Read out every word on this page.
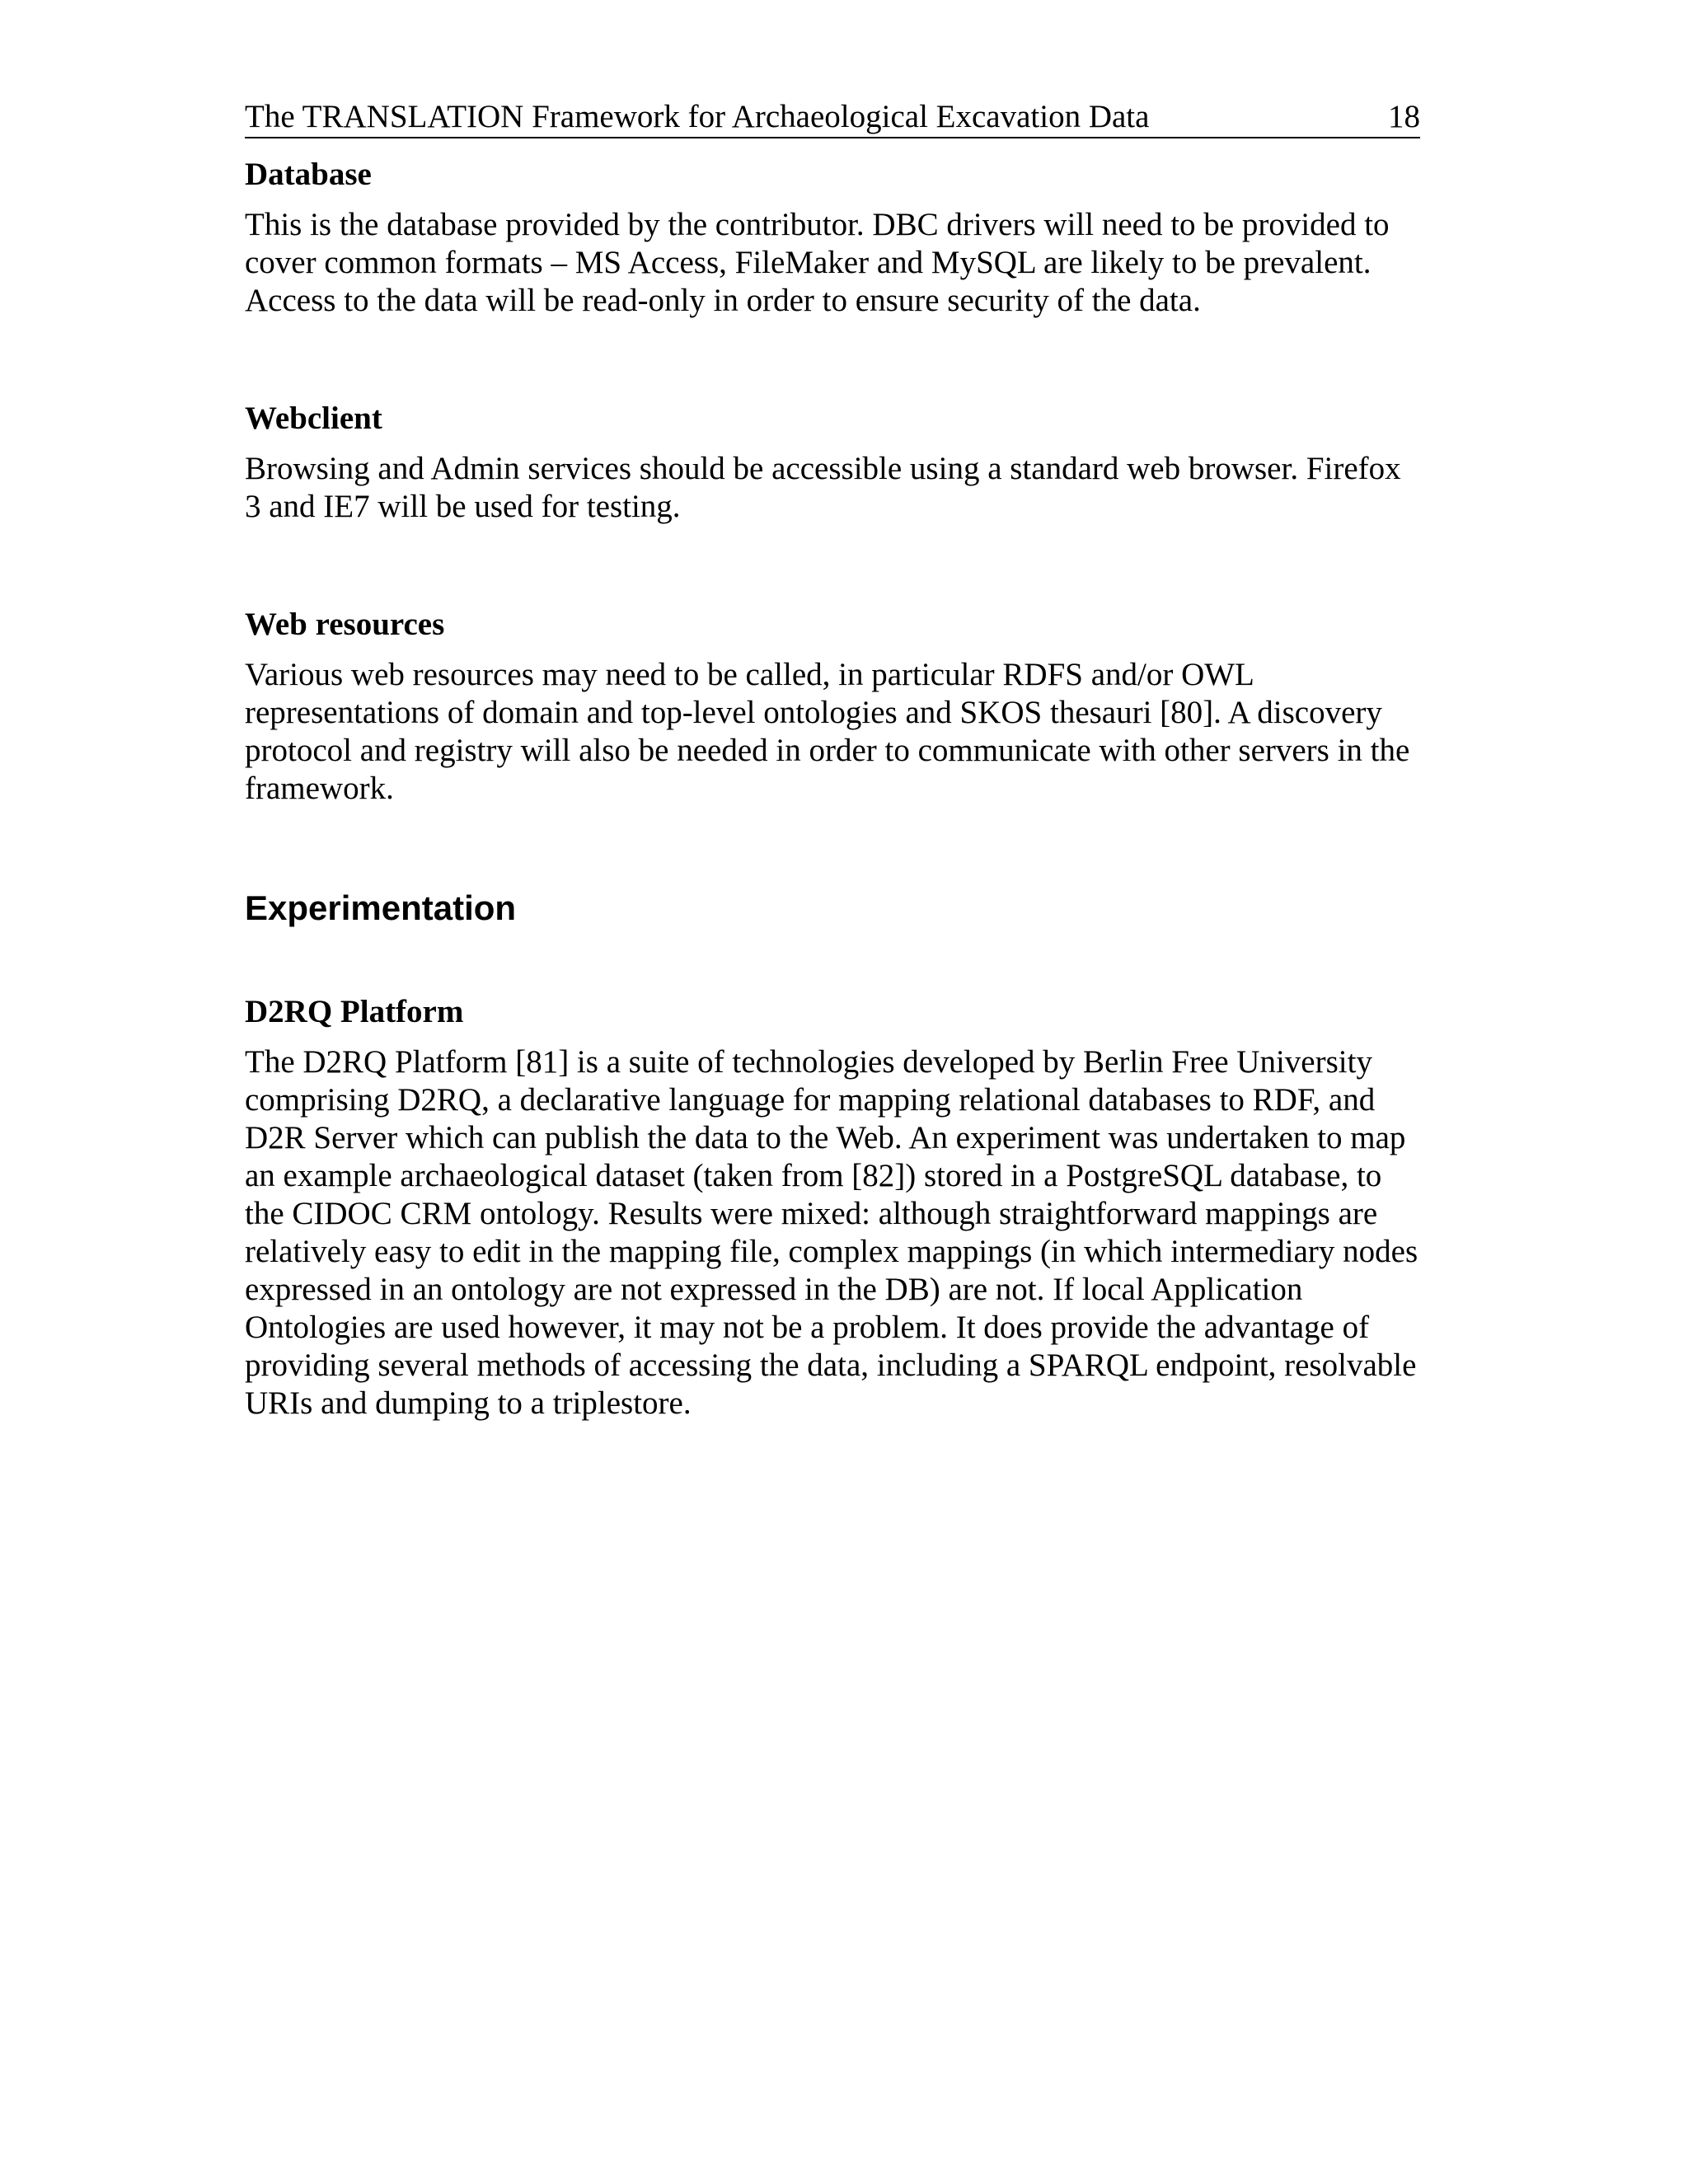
The TRANSLATION Framework for Archaeological Excavation Data	18
Database

This is the database provided by the contributor. DBC drivers will need to be provided to cover common formats – MS Access, FileMaker and MySQL are likely to be prevalent. Access to the data will be read-only in order to ensure security of the data.

Webclient

Browsing and Admin services should be accessible using a standard web browser. Firefox 3 and IE7 will be used for testing.

Web resources

Various web resources may need to be called, in particular RDFS and/or OWL representations of domain and top-level ontologies and SKOS thesauri [80]. A discovery protocol and registry will also be needed in order to communicate with other servers in the framework.

Experimentation
D2RQ Platform

The D2RQ Platform [81] is a suite of technologies developed by Berlin Free University comprising D2RQ, a declarative language for mapping relational databases to RDF, and D2R Server which can publish the data to the Web. An experiment was undertaken to map an example archaeological dataset (taken from [82]) stored in a PostgreSQL database, to the CIDOC CRM ontology. Results were mixed: although straightforward mappings are relatively easy to edit in the mapping file, complex mappings (in which intermediary nodes expressed in an ontology are not expressed in the DB) are not. If local Application Ontologies are used however, it may not be a problem. It does provide the advantage of providing several methods of accessing the data, including a SPARQL endpoint, resolvable URIs and dumping to a triplestore.
